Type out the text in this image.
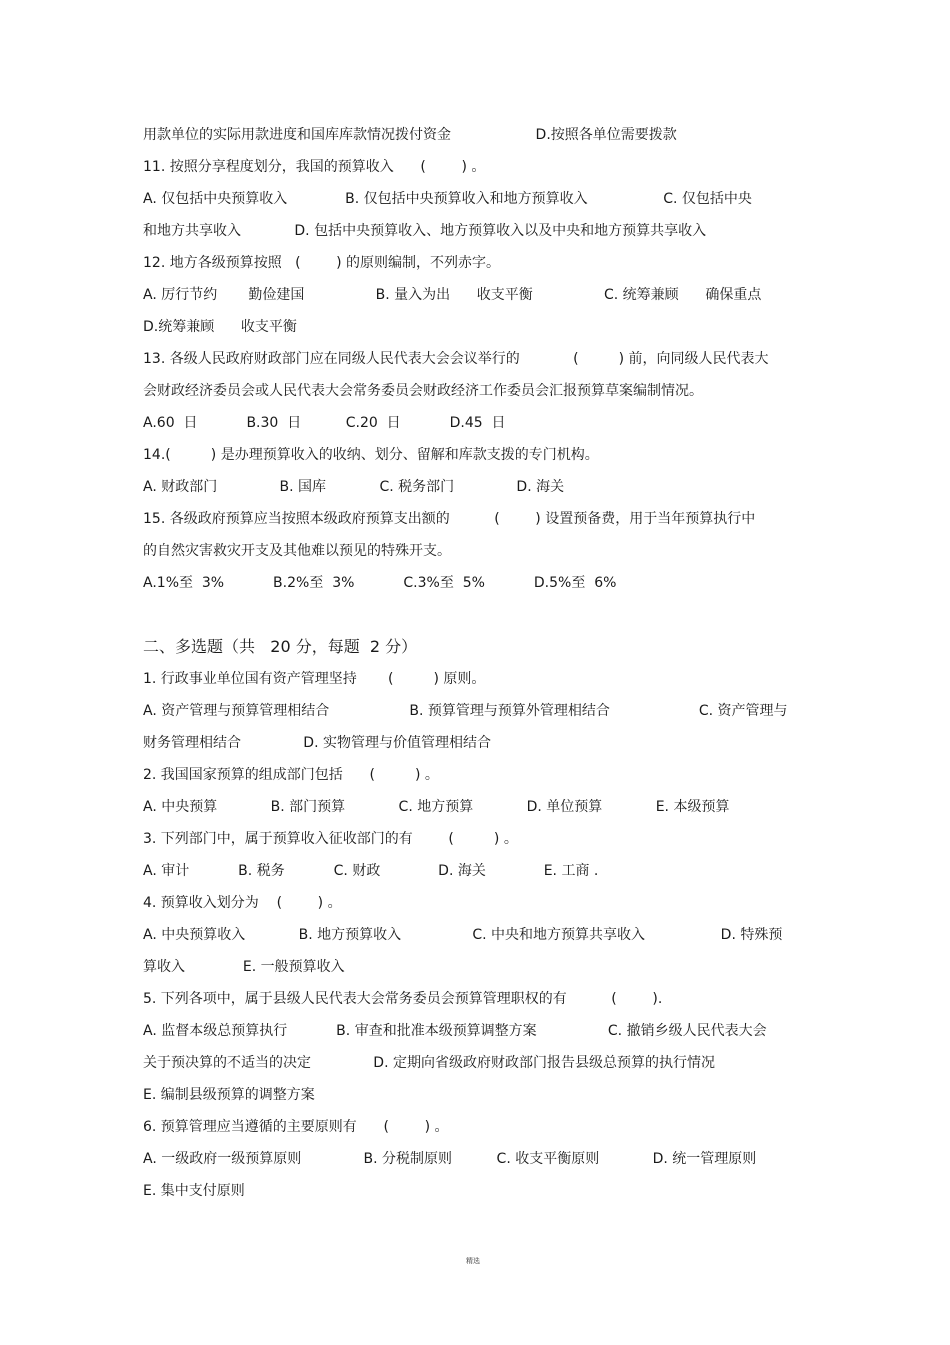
用款单位的实际用款进度和国库库款情况拨付资金                   D.按照各单位需要拨款
11. 按照分享程度划分，我国的预算收入      (        ) 。
A. 仅包括中央预算收入             B. 仅包括中央预算收入和地方预算收入                 C. 仅包括中央
和地方共享收入            D. 包括中央预算收入、地方预算收入以及中央和地方预算共享收入
12. 地方各级预算按照   (        ) 的原则编制，不列赤字。
A. 厉行节约       勤俭建国                B. 量入为出      收支平衡                C. 统筹兼顾      确保重点
D.统筹兼顾      收支平衡
13. 各级人民政府财政部门应在同级人民代表大会会议举行的            (         ) 前，向同级人民代表大
会财政经济委员会或人民代表大会常务委员会财政经济工作委员会汇报预算草案编制情况。
A.60  日           B.30  日          C.20  日           D.45  日
14.(         ) 是办理预算收入的收纳、划分、留解和库款支拨的专门机构。
A. 财政部门              B. 国库            C. 税务部门              D. 海关
15. 各级政府预算应当按照本级政府预算支出额的          (        ) 设置预备费，用于当年预算执行中
的自然灾害救灾开支及其他难以预见的特殊开支。
A.1%至  3%           B.2%至  3%           C.3%至  5%           D.5%至  6%
二、多选题（共   20 分，每题  2 分）
1. 行政事业单位国有资产管理坚持       (         ) 原则。
A. 资产管理与预算管理相结合                  B. 预算管理与预算外管理相结合                    C. 资产管理与
财务管理相结合              D. 实物管理与价值管理相结合
2. 我国国家预算的组成部门包括      (         ) 。
A. 中央预算            B. 部门预算            C. 地方预算            D. 单位预算            E. 本级预算
3. 下列部门中，属于预算收入征收部门的有        (         ) 。
A. 审计           B. 税务           C. 财政             D. 海关             E. 工商 .
4. 预算收入划分为    (        ) 。
A. 中央预算收入            B. 地方预算收入                C. 中央和地方预算共享收入                 D. 特殊预
算收入             E. 一般预算收入
5. 下列各项中，属于县级人民代表大会常务委员会预算管理职权的有          (        ).
A. 监督本级总预算执行           B. 审查和批准本级预算调整方案                C. 撤销乡级人民代表大会
关于预决算的不适当的决定              D. 定期向省级政府财政部门报告县级总预算的执行情况
E. 编制县级预算的调整方案
6. 预算管理应当遵循的主要原则有      (        ) 。
A. 一级政府一级预算原则              B. 分税制原则          C. 收支平衡原则            D. 统一管理原则
E. 集中支付原则
精选
